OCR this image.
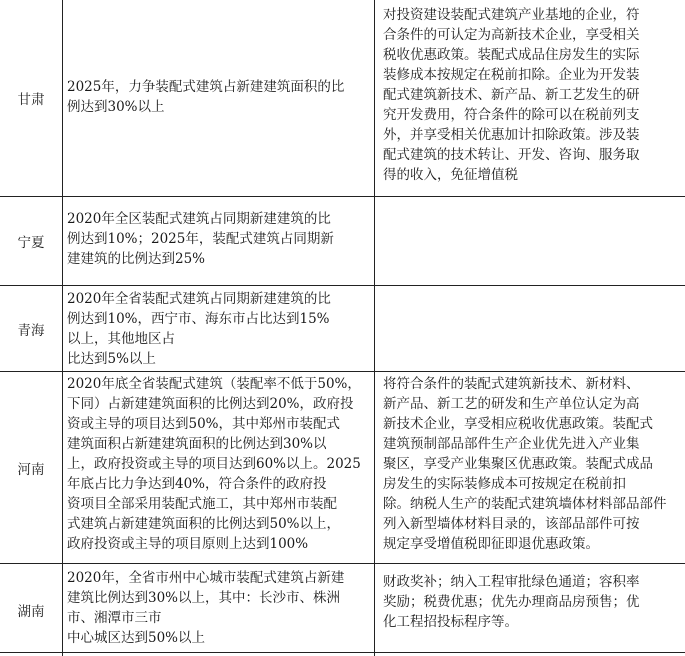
甘肃
2025年，力争装配式建筑占新建建筑面积的比
例达到30%以上
对投资建设装配式建筑产业基地的企业，符
合条件的可认定为高新技术企业，享受相关
税收优惠政策。装配式成品住房发生的实际
装修成本按规定在税前扣除。企业为开发装
配式建筑新技术、新产品、新工艺发生的研
究开发费用，符合条件的除可以在税前列支
外，并享受相关优惠加计扣除政策。涉及装
配式建筑的技术转让、开发、咨询、服务取
得的收入，免征增值税
宁夏
2020年全区装配式建筑占同期新建建筑的比
例达到10%；2025年，装配式建筑占同期新
建建筑的比例达到25%
青海
2020年全省装配式建筑占同期新建建筑的比
例达到10%，西宁市、海东市占比达到15%
以上，其他地区占
比达到5%以上
河南
2020年底全省装配式建筑（装配率不低于50%，
下同）占新建建筑面积的比例达到20%，政府投
资或主导的项目达到50%，其中郑州市装配式
建筑面积占新建建筑面积的比例达到30%以
上，政府投资或主导的项目达到60%以上。2025
年底占比力争达到40%，符合条件的政府投
资项目全部采用装配式施工，其中郑州市装配
式建筑占新建建筑面积的比例达到50%以上，
政府投资或主导的项目原则上达到100%
将符合条件的装配式建筑新技术、新材料、
新产品、新工艺的研发和生产单位认定为高
新技术企业，享受相应税收优惠政策。装配式
建筑预制部品部件生产企业优先进入产业集
聚区，享受产业集聚区优惠政策。装配式成品
房发生的实际装修成本可按规定在税前扣
除。纳税人生产的装配式建筑墙体材料部品部件
列入新型墙体材料目录的，该部品部件可按
规定享受增值税即征即退优惠政策。
湖南
2020年，全省市州中心城市装配式建筑占新建
建筑比例达到30%以上，其中：长沙市、株洲
市、湘潭市三市
中心城区达到50%以上
财政奖补；纳入工程审批绿色通道；容积率
奖励；税费优惠；优先办理商品房预售；优
化工程招投标程序等。
